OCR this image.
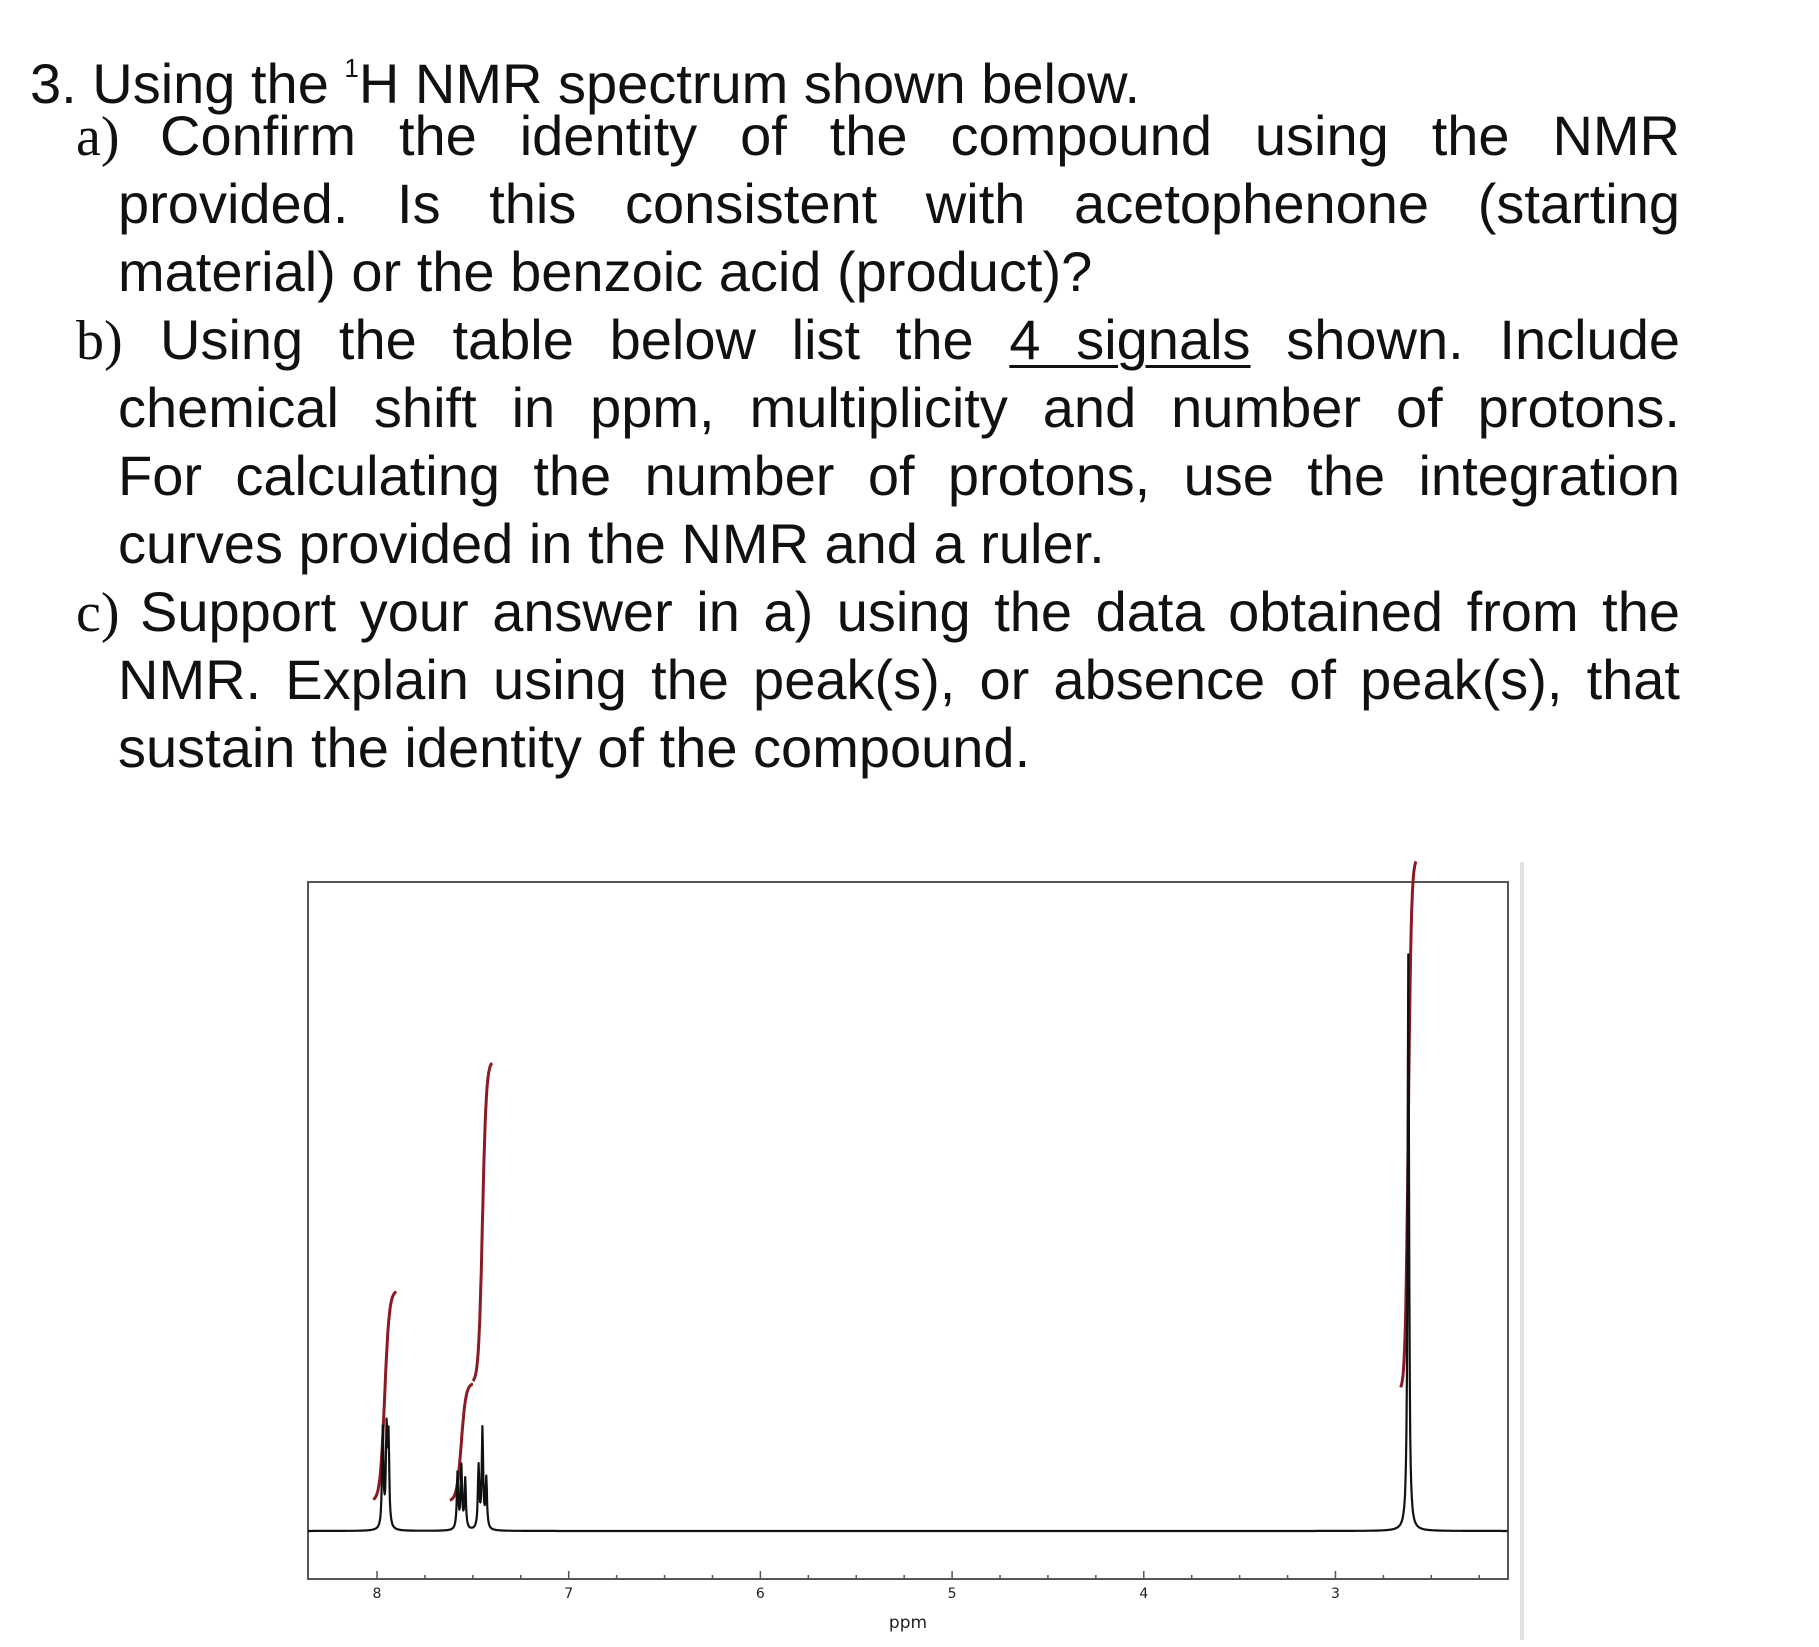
3. Using the $^1$H NMR spectrum shown below.
a) Confirm the identity of the compound using the NMR
provided. Is this consistent with acetophenone (starting
material) or the benzoic acid (product)?
b) Using the table below list the 4 signals shown. Include
chemical shift in ppm, multiplicity and number of protons.
For calculating the number of protons, use the integration
curves provided in the NMR and a ruler.
c) Support your answer in a) using the data obtained from the
NMR. Explain using the peak(s), or absence of peak(s), that
sustain the identity of the compound.
8	7	6	5	4	3
ppm
